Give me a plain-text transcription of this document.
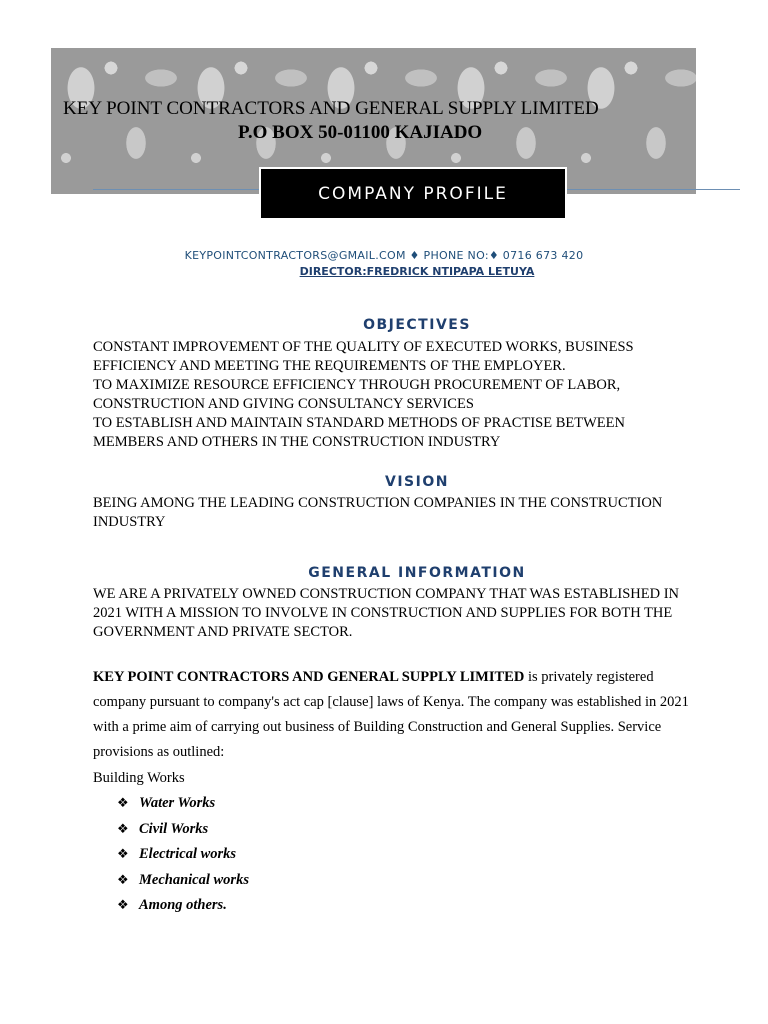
KEY POINT CONTRACTORS AND GENERAL SUPPLY LIMITED
P.O BOX 50-01100 KAJIADO
COMPANY PROFILE
KEYPOINTCONTRACTORS@GMAIL.COM ♦ PHONE NO:♦ 0716 673 420
DIRECTOR:FREDRICK NTIPAPA LETUYA
OBJECTIVES
CONSTANT IMPROVEMENT OF THE QUALITY OF EXECUTED WORKS, BUSINESS
EFFICIENCY AND MEETING THE REQUIREMENTS OF THE EMPLOYER.
TO MAXIMIZE RESOURCE EFFICIENCY THROUGH PROCUREMENT OF LABOR,
CONSTRUCTION AND GIVING CONSULTANCY SERVICES
TO ESTABLISH AND MAINTAIN STANDARD METHODS OF PRACTISE BETWEEN
MEMBERS AND OTHERS IN THE CONSTRUCTION INDUSTRY
VISION
BEING AMONG THE LEADING CONSTRUCTION COMPANIES IN THE CONSTRUCTION
INDUSTRY
GENERAL INFORMATION
WE ARE A PRIVATELY OWNED CONSTRUCTION COMPANY THAT WAS ESTABLISHED IN
2021 WITH A MISSION TO INVOLVE IN CONSTRUCTION AND SUPPLIES FOR BOTH THE
GOVERNMENT AND PRIVATE SECTOR.
KEY POINT CONTRACTORS AND GENERAL SUPPLY LIMITED is privately registered
company pursuant to company's act cap [clause] laws of Kenya. The company was established in 2021
with a prime aim of carrying out business of Building Construction and General Supplies. Service
provisions as outlined:
Building Works
❖ Water Works
❖ Civil Works
❖ Electrical works
❖ Mechanical works
❖ Among others.
